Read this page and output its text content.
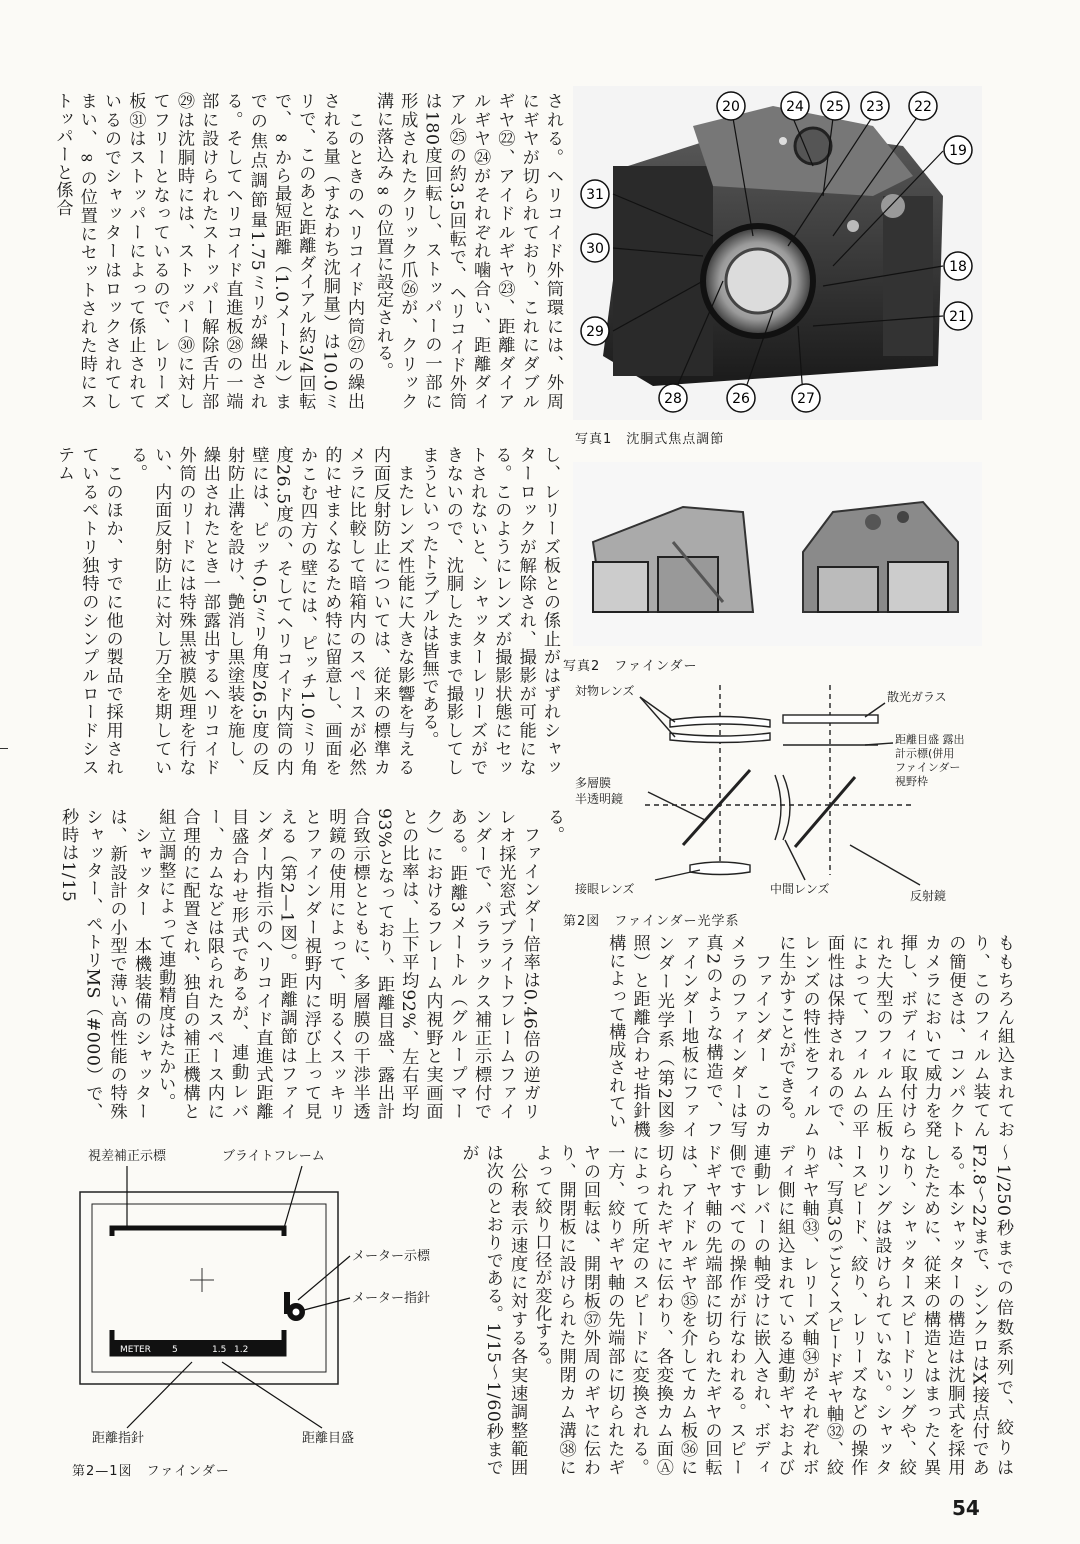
される。ヘリコイド外筒環には、外周にギヤが切られており、これにダブルギヤ㉒、アイドルギヤ㉓、距離ダイアルギヤ㉔がそれぞれ噛合い、距離ダイアル㉕の約3.5回転で、ヘリコイド外筒は180度回転し、ストッパーの一部に形成されたクリック爪㉖が、クリック溝に落込み∞の位置に設定される。
　このときのヘリコイド内筒㉗の繰出される量（すなわち沈胴量）は10.0ミリで、このあと距離ダイアル約3/4回転で、∞から最短距離（1.0メートル）までの焦点調節量1.75ミリが繰出される。そしてヘリコイド直進板㉘の一端部に設けられたストッパー解除舌片部㉙は沈胴時には、ストッパー㉚に対してフリーとなっているので、レリーズ板㉛はストッパーによって係止されているのでシャッターはロックされてしまい、∞の位置にセットされた時にストッパーと係合
し、レリーズ板との係止がはずれシャッターロックが解除され、撮影が可能になる。このようにレンズが撮影状態にセットされないと、シャッターレリーズができないので、沈胴したままで撮影してしまうといったトラブルは皆無である。
　またレンズ性能に大きな影響を与える内面反射防止については、従来の標準カメラに比較して暗箱内のスペースが必然的にせまくなるため特に留意し、画面をかこむ四方の壁には、ピッチ1.0ミリ角度26.5度の、そしてヘリコイド内筒の内壁には、ピッチ0.5ミリ角度26.5度の反射防止溝を設け、艶消し黒塗装を施し、繰出されたとき一部露出するヘリコイド外筒のリードには特殊黒被膜処理を行ない、内面反射防止に対し万全を期している。
　このほか、すでに他の製品で採用されているペトリ独特のシンプルロードシステム
る。
　ファインダー倍率は0.46倍の逆ガリレオ採光窓式ブライトフレームファインダーで、パララックス補正示標付である。距離3メートル（グループマーク）におけるフレーム内視野と実画面との比率は、上下平均92%、左右平均93%となっており、距離目盛、露出計合致示標とともに、多層膜の干渉半透明鏡の使用によって、明るくスッキリとファインダー視野内に浮び上って見える（第2—1図）。距離調節はファインダー内指示のヘリコイド直進式距離目盛合わせ形式であるが、連動レバー、カムなどは限られたスペース内に合理的に配置され、独自の補正機構と組立調整によって連動精度はたかい。
　シャッター　本機装備のシャッターは、新設計の小型で薄い高性能の特殊シャッター、ペトリMS（#000）で、秒時は1/15
ももちろん組込まれており、このフィルム装てんの簡便さは、コンパクトカメラにおいて威力を発揮し、ボディに取付けられた大型のフィルム圧板によって、フィルムの平面性は保持されるので、レンズの特性をフィルムに生かすことができる。
　ファインダー　このカメラのファインダーは写真2のような構造で、ファインダー地板にファインダー光学系（第2図参照）と距離合わせ指針機構によって構成されてい
〜1/250秒までの倍数系列で、絞りはF2.8〜22まで、シンクロはX接点付である。本シャッターの構造は沈胴式を採用したために、従来の構造とはまったく異なり、シャッタースピードリングや、絞りリングは設けられていない。シャッタースピード、絞り、レリーズなどの操作は、写真3のごとくスピードギヤ軸㉜、絞りギヤ軸㉝、レリーズ軸㉞がそれぞれボディ側に組込まれている連動ギヤおよび連動レバーの軸受けに嵌入され、ボディ側ですべての操作が行なわれる。スピードギヤ軸の先端部に切られたギヤの回転は、アイドルギヤ㉟を介してカム板㊱に切られたギヤに伝わり、各変換カム面Ⓐによって所定のスピードに変換される。一方、絞りギヤ軸の先端部に切られたギヤの回転は、開閉板㊲外周のギヤに伝わり、開閉板に設けられた開閉カム溝㊳によって絞り口径が変化する。
　公称表示速度に対する各実速調整範囲は次のとおりである。1/15〜1/60秒までが
20	24 25 23 22
19
31
30
18
29
21
28	26	27
写真1　沈胴式焦点調節
写真2　ファインダー
対物レンズ	散光ガラス
距離目盛 露出
計示標(併用
ファインダー
視野枠
多層膜
半透明鏡
接眼レンズ	中間レンズ	反射鏡
第2図　ファインダー光学系
視差補正示標	ブライトフレーム
メーター示標
メーター指針
距離指針	距離目盛
METER 5	1.5 1.2
第2—1図　ファインダー
54
